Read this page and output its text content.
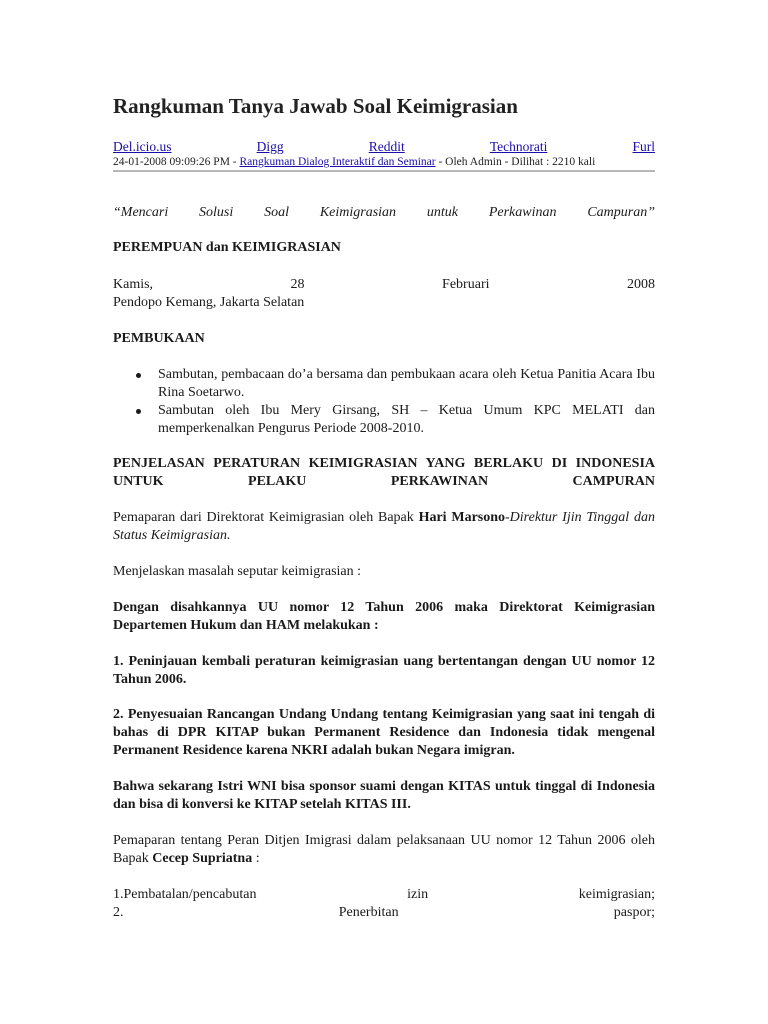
Rangkuman Tanya Jawab Soal Keimigrasian
Del.icio.us	Digg	Reddit	Technorati	Furl
24-01-2008 09:09:26 PM - Rangkuman Dialog Interaktif dan Seminar - Oleh Admin - Dilihat : 2210 kali
“Mencari Solusi Soal Keimigrasian untuk Perkawinan Campuran”
PEREMPUAN dan KEIMIGRASIAN
Kamis, 28 Februari 2008
Pendopo Kemang, Jakarta Selatan
PEMBUKAAN
Sambutan, pembacaan do’a bersama dan pembukaan acara oleh Ketua Panitia Acara Ibu Rina Soetarwo.
Sambutan oleh Ibu Mery Girsang, SH – Ketua Umum KPC MELATI dan memperkenalkan Pengurus Periode 2008-2010.
PENJELASAN PERATURAN KEIMIGRASIAN YANG BERLAKU DI INDONESIA UNTUK PELAKU PERKAWINAN CAMPURAN
Pemaparan dari Direktorat Keimigrasian oleh Bapak Hari Marsono-Direktur Ijin Tinggal dan Status Keimigrasian.
Menjelaskan masalah seputar keimigrasian :
Dengan disahkannya UU nomor 12 Tahun 2006 maka Direktorat Keimigrasian Departemen Hukum dan HAM melakukan :
1. Peninjauan kembali peraturan keimigrasian uang bertentangan dengan UU nomor 12 Tahun 2006.
2. Penyesuaian Rancangan Undang Undang tentang Keimigrasian yang saat ini tengah di bahas di DPR KITAP bukan Permanent Residence dan Indonesia tidak mengenal Permanent Residence karena NKRI adalah bukan Negara imigran.
Bahwa sekarang Istri WNI bisa sponsor suami dengan KITAS untuk tinggal di Indonesia dan bisa di konversi ke KITAP setelah KITAS III.
Pemaparan tentang Peran Ditjen Imigrasi dalam pelaksanaan UU nomor 12 Tahun 2006 oleh Bapak Cecep Supriatna :
1.Pembatalan/pencabutan izin keimigrasian;
2. Penerbitan paspor;
